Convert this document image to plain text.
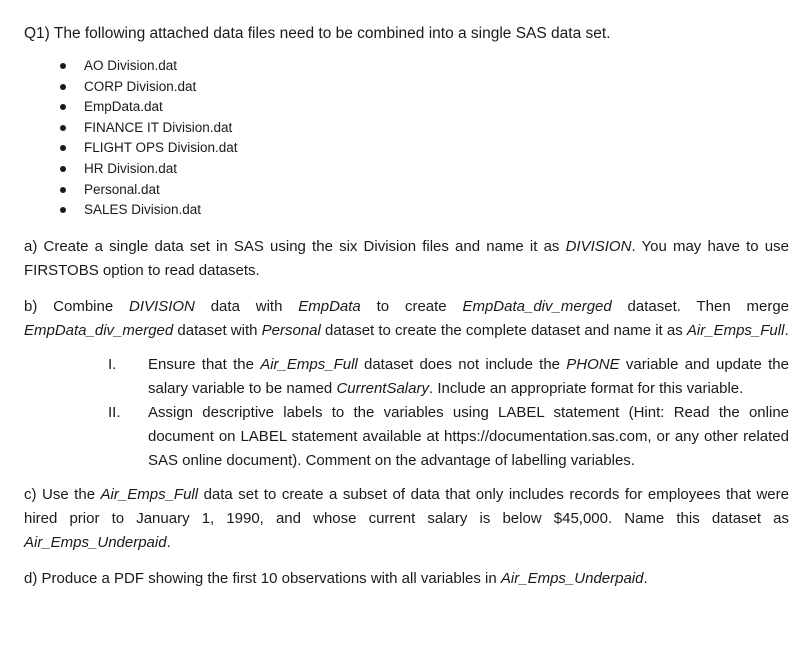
Q1) The following attached data files need to be combined into a single SAS data set.
AO Division.dat
CORP Division.dat
EmpData.dat
FINANCE IT Division.dat
FLIGHT OPS Division.dat
HR Division.dat
Personal.dat
SALES Division.dat

a) Create a single data set in SAS using the six Division files and name it as DIVISION. You may have to use FIRSTOBS option to read datasets.

b) Combine DIVISION data with EmpData to create EmpData_div_merged dataset. Then merge EmpData_div_merged dataset with Personal dataset to create the complete dataset and name it as Air_Emps_Full.

I.	Ensure that the Air_Emps_Full dataset does not include the PHONE variable and update the salary variable to be named CurrentSalary. Include an appropriate format for this variable.
II.	Assign descriptive labels to the variables using LABEL statement (Hint: Read the online document on LABEL statement available at https://documentation.sas.com, or any other related SAS online document). Comment on the advantage of labelling variables.

c) Use the Air_Emps_Full data set to create a subset of data that only includes records for employees that were hired prior to January 1, 1990, and whose current salary is below $45,000. Name this dataset as Air_Emps_Underpaid.

d) Produce a PDF showing the first 10 observations with all variables in Air_Emps_Underpaid.
